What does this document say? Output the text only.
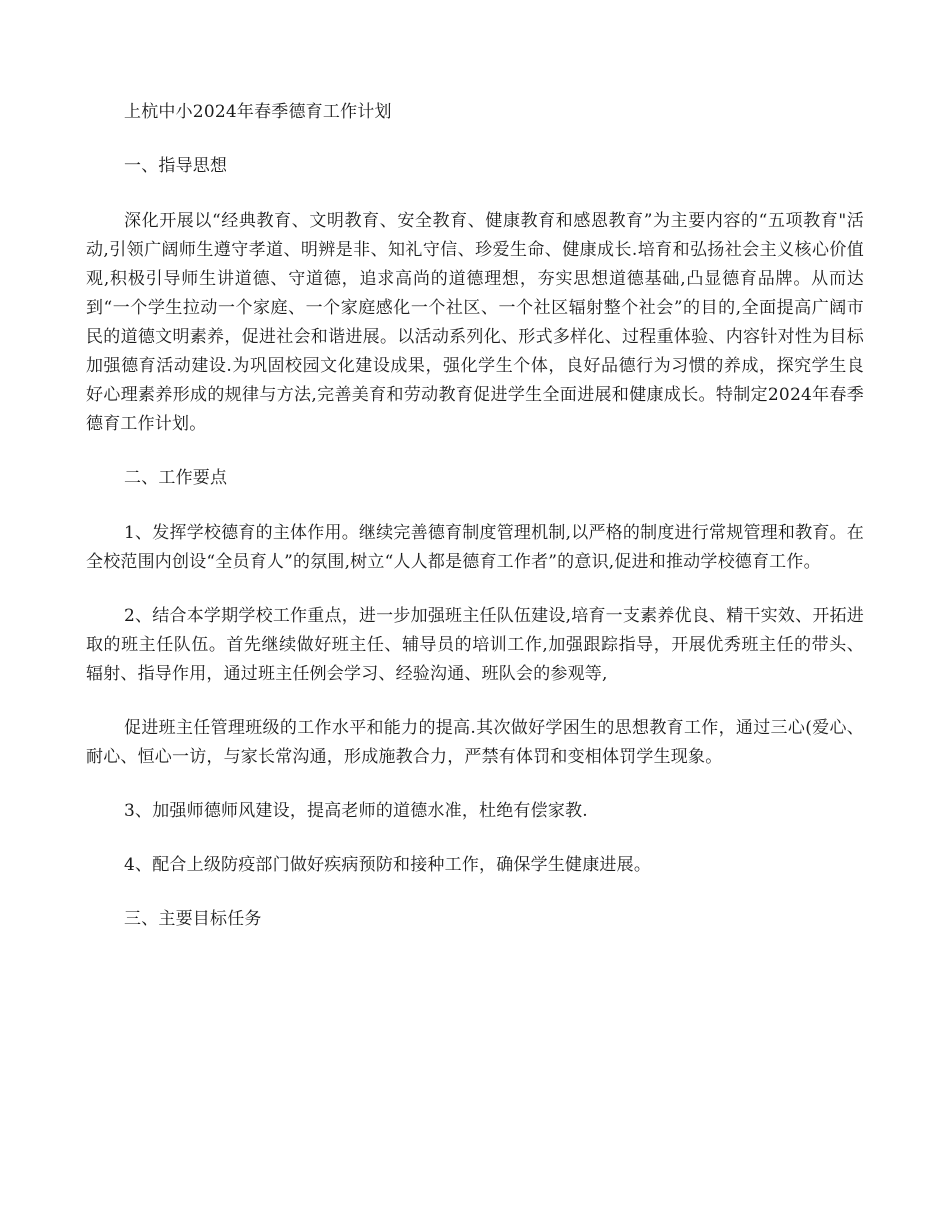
上杭中小2024年春季德育工作计划

一、指导思想

深化开展以“经典教育、文明教育、安全教育、健康教育和感恩教育”为主要内容的“五项教育"活动,引领广阔师生遵守孝道、明辨是非、知礼守信、珍爱生命、健康成长.培育和弘扬社会主义核心价值观,积极引导师生讲道德、守道德，追求高尚的道德理想，夯实思想道德基础,凸显德育品牌。从而达到“一个学生拉动一个家庭、一个家庭感化一个社区、一个社区辐射整个社会”的目的,全面提高广阔市民的道德文明素养，促进社会和谐进展。以活动系列化、形式多样化、过程重体验、内容针对性为目标加强德育活动建设.为巩固校园文化建设成果，强化学生个体，良好品德行为习惯的养成，探究学生良好心理素养形成的规律与方法,完善美育和劳动教育促进学生全面进展和健康成长。特制定2024年春季德育工作计划。

二、工作要点

1、发挥学校德育的主体作用。继续完善德育制度管理机制,以严格的制度进行常规管理和教育。在全校范围内创设“全员育人”的氛围,树立“人人都是德育工作者”的意识,促进和推动学校德育工作。

2、结合本学期学校工作重点，进一步加强班主任队伍建设,培育一支素养优良、精干实效、开拓进取的班主任队伍。首先继续做好班主任、辅导员的培训工作,加强跟踪指导，开展优秀班主任的带头、辐射、指导作用，通过班主任例会学习、经验沟通、班队会的参观等,

促进班主任管理班级的工作水平和能力的提高.其次做好学困生的思想教育工作，通过三心(爱心、耐心、恒心一访，与家长常沟通，形成施教合力，严禁有体罚和变相体罚学生现象。

3、加强师德师风建设，提高老师的道德水准，杜绝有偿家教.

4、配合上级防疫部门做好疾病预防和接种工作，确保学生健康进展。

三、主要目标任务
